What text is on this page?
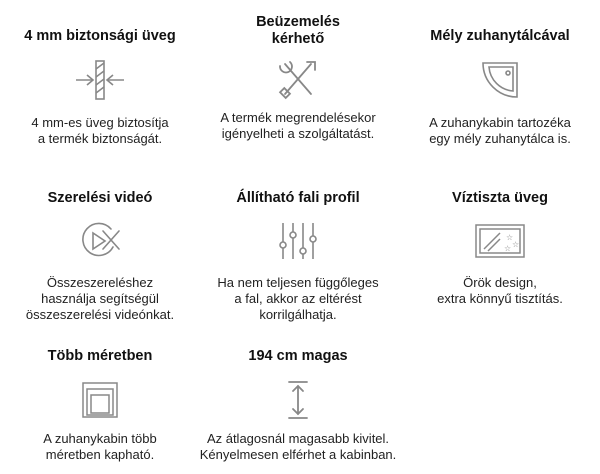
4 mm biztonsági üveg
4 mm-es üveg biztosítja
a termék biztonságát.
Beüzemelés
kérhető
A termék megrendelésekor
igényelheti a szolgáltatást.
Mély zuhanytálcával
A zuhanykabin tartozéka
egy mély zuhanytálca is.
Szerelési videó
Összeszereléshez
használja segítségül
összeszerelési videónkat.
Állítható fali profil
Ha nem teljesen függőleges
a fal, akkor az eltérést
korrilgálhatja.
Víztiszta üveg
☆
☆
☆
Örök design,
extra könnyű tisztítás.
Több méretben
A zuhanykabin több
méretben kapható.
194 cm magas
Az átlagosnál magasabb kivitel.
Kényelmesen elférhet a kabinban.
